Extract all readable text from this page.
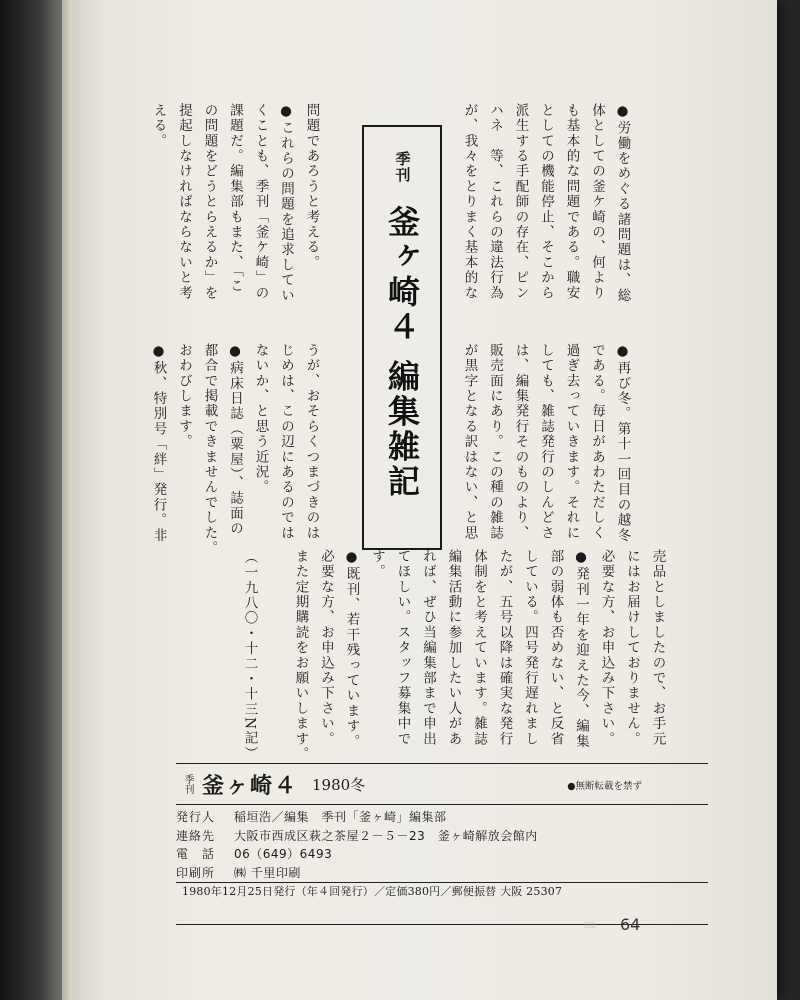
●労働をめぐる諸問題は、総

体としての釜ケ崎の、何より

も基本的な問題である。職安

としての機能停止、そこから

派生する手配師の存在、ピン

ハネ　等、これらの違法行為

が、我々をとりまく基本的な

季刊
釜ヶ崎４ 編集雑記

問題であろうと考える。

●これらの問題を追求してい

くことも、季刊「釜ケ崎」の

課題だ。編集部もまた、「こ

の問題をどうとらえるか」を

提起しなければならないと考

える。

●再び冬。第十一回目の越冬

である。毎日があわただしく

過ぎ去っていきます。それに

しても、雑誌発行のしんどさ

は、編集発行そのものより、

販売面にあり。この種の雑誌

が黒字となる訳はない、と思

売品としましたので、お手元

にはお届けしておりません。

必要な方、お申込み下さい。

●発刊一年を迎えた今、編集

部の弱体も否めない、と反省

している。四号発行遅れまし

たが、五号以降は確実な発行

体制をと考えています。雑誌

編集活動に参加したい人があ

れば、ぜひ当編集部まで申出

てほしい。スタッフ募集中で

す。

●既刊、若干残っています。

必要な方、お申込み下さい。

また定期購読をお願いします。

うが、おそらくつまづきのは

じめは、この辺にあるのでは

ないか、と思う近況。

●病床日誌（粟屋）、誌面の

都合で掲載できませんでした。

おわびします。

●秋、特別号「絆」発行。非

（一九八〇・十二・十三N記）

季刊 釜ヶ崎４ 1980冬	●無断転載を禁ず
発行人	稲垣浩／編集　季刊「釜ヶ崎」編集部
連絡先	大阪市西成区萩之茶屋２－５－23　釜ヶ崎解放会館内
電　話	06（649）6493
印刷所	㈱ 千里印刷
1980年12月25日発行（年４回発行）／定価380円／郵便振替 大阪 25307
▯▯▯ 64
